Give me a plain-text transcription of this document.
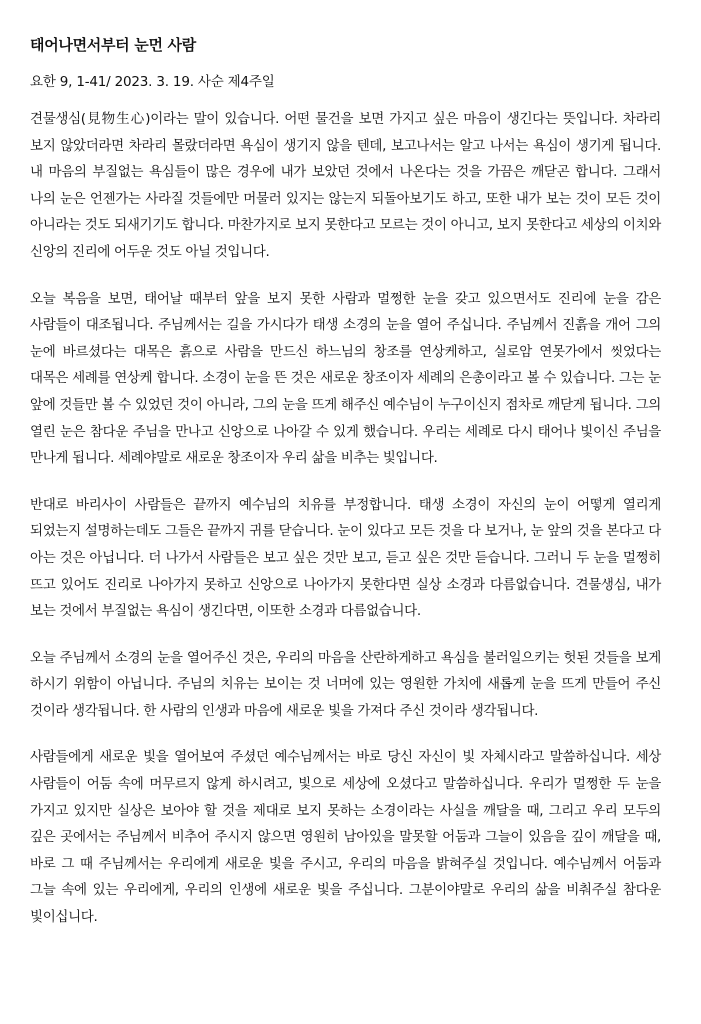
태어나면서부터 눈먼 사람

요한 9, 1-41/ 2023. 3. 19. 사순 제4주일

견물생심(見物生心)이라는 말이 있습니다. 어떤 물건을 보면 가지고 싶은 마음이 생긴다는 뜻입니다. 차라리 보지 않았더라면 차라리 몰랐더라면 욕심이 생기지 않을 텐데, 보고나서는 알고 나서는 욕심이 생기게 됩니다. 내 마음의 부질없는 욕심들이 많은 경우에 내가 보았던 것에서 나온다는 것을 가끔은 깨닫곤 합니다. 그래서 나의 눈은 언젠가는 사라질 것들에만 머물러 있지는 않는지 되돌아보기도 하고, 또한 내가 보는 것이 모든 것이 아니라는 것도 되새기기도 합니다. 마찬가지로 보지 못한다고 모르는 것이 아니고, 보지 못한다고 세상의 이치와 신앙의 진리에 어두운 것도 아닐 것입니다.

오늘 복음을 보면, 태어날 때부터 앞을 보지 못한 사람과 멀쩡한 눈을 갖고 있으면서도 진리에 눈을 감은 사람들이 대조됩니다. 주님께서는 길을 가시다가 태생 소경의 눈을 열어 주십니다. 주님께서 진흙을 개어 그의 눈에 바르셨다는 대목은 흙으로 사람을 만드신 하느님의 창조를 연상케하고, 실로암 연못가에서 씻었다는 대목은 세례를 연상케 합니다. 소경이 눈을 뜬 것은 새로운 창조이자 세례의 은총이라고 볼 수 있습니다. 그는 눈 앞에 것들만 볼 수 있었던 것이 아니라, 그의 눈을 뜨게 해주신 예수님이 누구이신지 점차로 깨닫게 됩니다. 그의 열린 눈은 참다운 주님을 만나고 신앙으로 나아갈 수 있게 했습니다. 우리는 세례로 다시 태어나 빛이신 주님을 만나게 됩니다. 세례야말로 새로운 창조이자 우리 삶을 비추는 빛입니다.

반대로 바리사이 사람들은 끝까지 예수님의 치유를 부정합니다. 태생 소경이 자신의 눈이 어떻게 열리게 되었는지 설명하는데도 그들은 끝까지 귀를 닫습니다. 눈이 있다고 모든 것을 다 보거나, 눈 앞의 것을 본다고 다 아는 것은 아닙니다. 더 나가서 사람들은 보고 싶은 것만 보고, 듣고 싶은 것만 듣습니다. 그러니 두 눈을 멀쩡히 뜨고 있어도 진리로 나아가지 못하고 신앙으로 나아가지 못한다면 실상 소경과 다름없습니다. 견물생심, 내가 보는 것에서 부질없는 욕심이 생긴다면, 이또한 소경과 다름없습니다.

오늘 주님께서 소경의 눈을 열어주신 것은, 우리의 마음을 산란하게하고 욕심을 불러일으키는 헛된 것들을 보게 하시기 위함이 아닙니다. 주님의 치유는 보이는 것 너머에 있는 영원한 가치에 새롭게 눈을 뜨게 만들어 주신 것이라 생각됩니다. 한 사람의 인생과 마음에 새로운 빛을 가져다 주신 것이라 생각됩니다.

사람들에게 새로운 빛을 열어보여 주셨던 예수님께서는 바로 당신 자신이 빛 자체시라고 말씀하십니다. 세상 사람들이 어둠 속에 머무르지 않게 하시려고, 빛으로 세상에 오셨다고 말씀하십니다. 우리가 멀쩡한 두 눈을 가지고 있지만 실상은 보아야 할 것을 제대로 보지 못하는 소경이라는 사실을 깨달을 때, 그리고 우리 모두의 깊은 곳에서는 주님께서 비추어 주시지 않으면 영원히 남아있을 말못할 어둠과 그늘이 있음을 깊이 깨달을 때, 바로 그 때 주님께서는 우리에게 새로운 빛을 주시고, 우리의 마음을 밝혀주실 것입니다. 예수님께서 어둠과 그늘 속에 있는 우리에게, 우리의 인생에 새로운 빛을 주십니다. 그분이야말로 우리의 삶을 비춰주실 참다운 빛이십니다.
